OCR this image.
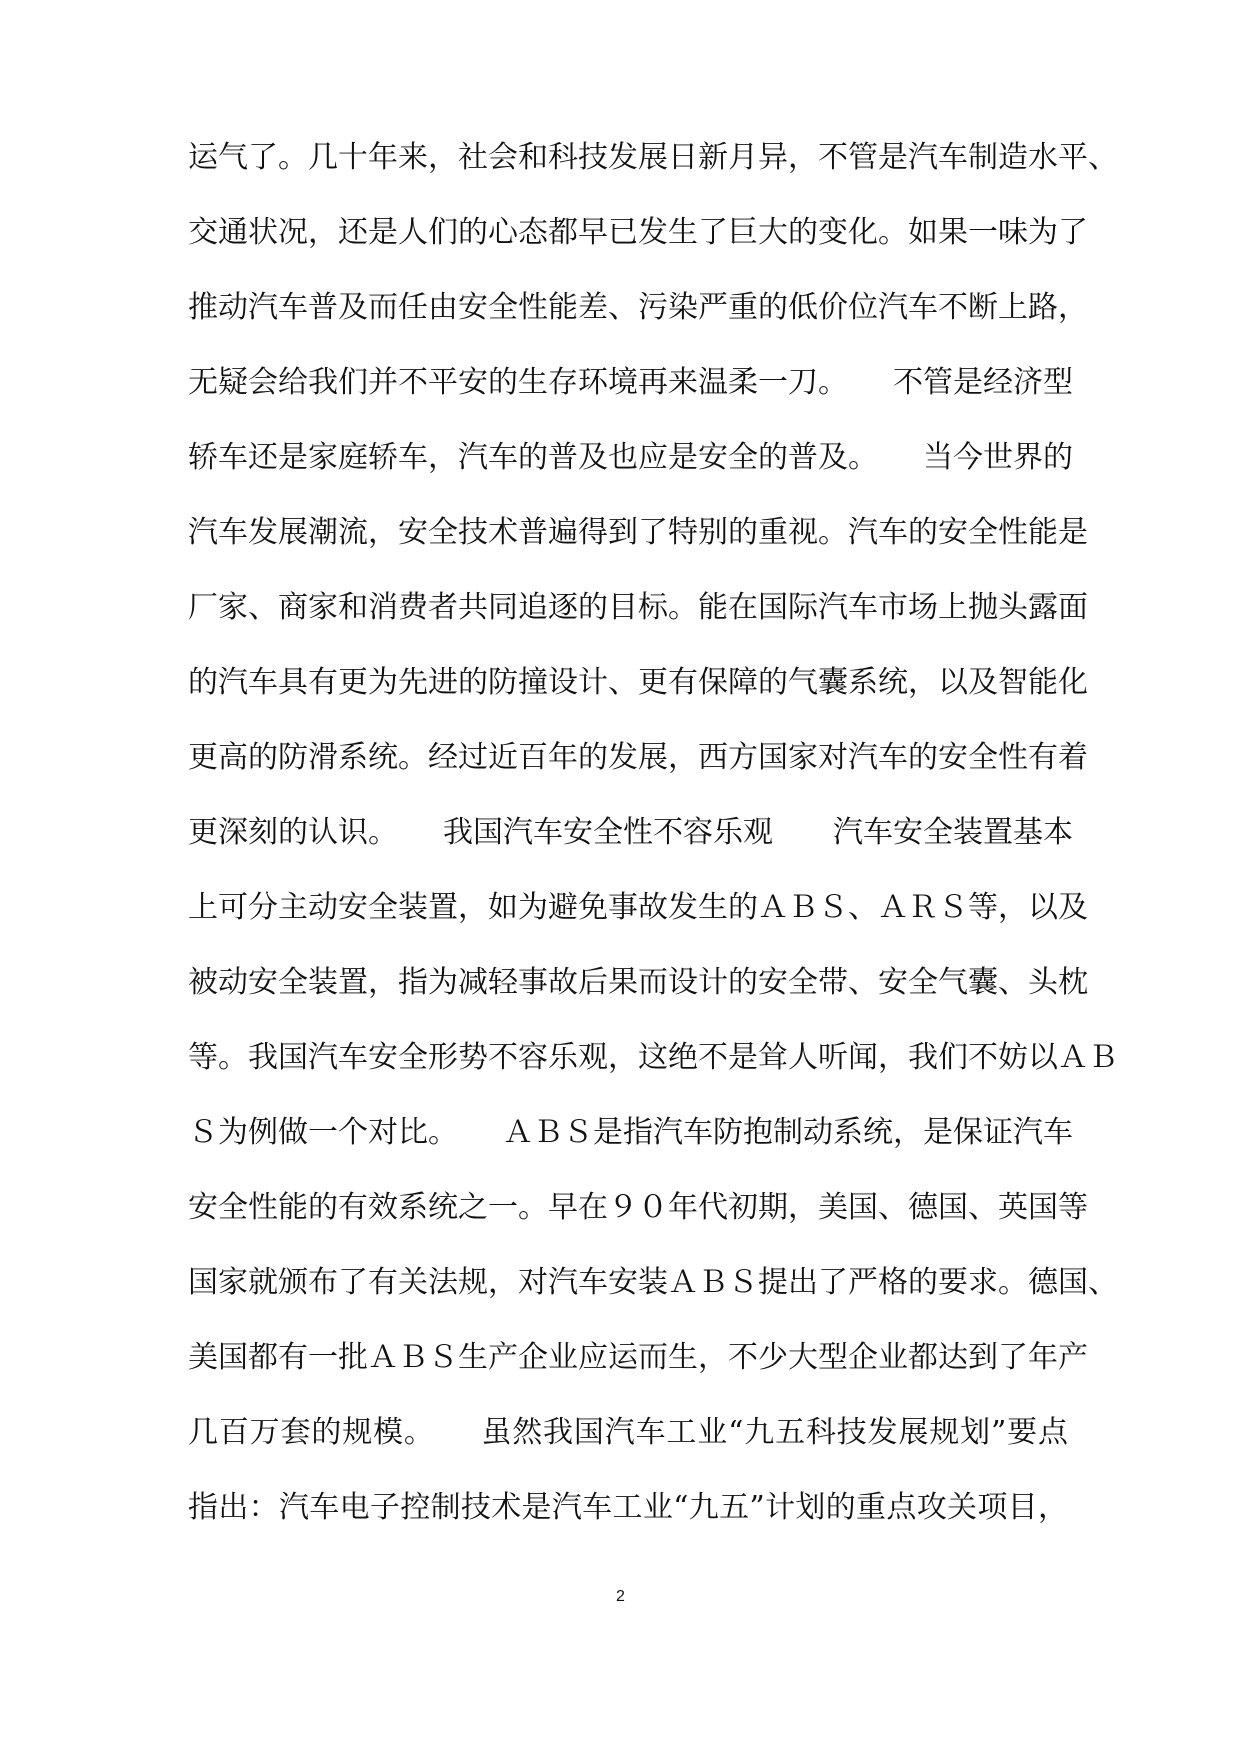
运气了。几十年来，社会和科技发展日新月异，不管是汽车制造水平、
交通状况，还是人们的心态都早已发生了巨大的变化。如果一味为了
推动汽车普及而任由安全性能差、污染严重的低价位汽车不断上路，
无疑会给我们并不平安的生存环境再来温柔一刀。　　不管是经济型
轿车还是家庭轿车，汽车的普及也应是安全的普及。　　当今世界的
汽车发展潮流，安全技术普遍得到了特别的重视。汽车的安全性能是
厂家、商家和消费者共同追逐的目标。能在国际汽车市场上抛头露面
的汽车具有更为先进的防撞设计、更有保障的气囊系统，以及智能化
更高的防滑系统。经过近百年的发展，西方国家对汽车的安全性有着
更深刻的认识。　　我国汽车安全性不容乐观　　汽车安全装置基本
上可分主动安全装置，如为避免事故发生的ＡＢＳ、ＡＲＳ等，以及
被动安全装置，指为减轻事故后果而设计的安全带、安全气囊、头枕
等。我国汽车安全形势不容乐观，这绝不是耸人听闻，我们不妨以ＡＢ
Ｓ为例做一个对比。　　ＡＢＳ是指汽车防抱制动系统，是保证汽车
安全性能的有效系统之一。早在９０年代初期，美国、德国、英国等
国家就颁布了有关法规，对汽车安装ＡＢＳ提出了严格的要求。德国、
美国都有一批ＡＢＳ生产企业应运而生，不少大型企业都达到了年产
几百万套的规模。　　虽然我国汽车工业“九五科技发展规划”要点
指出：汽车电子控制技术是汽车工业“九五”计划的重点攻关项目，
2
